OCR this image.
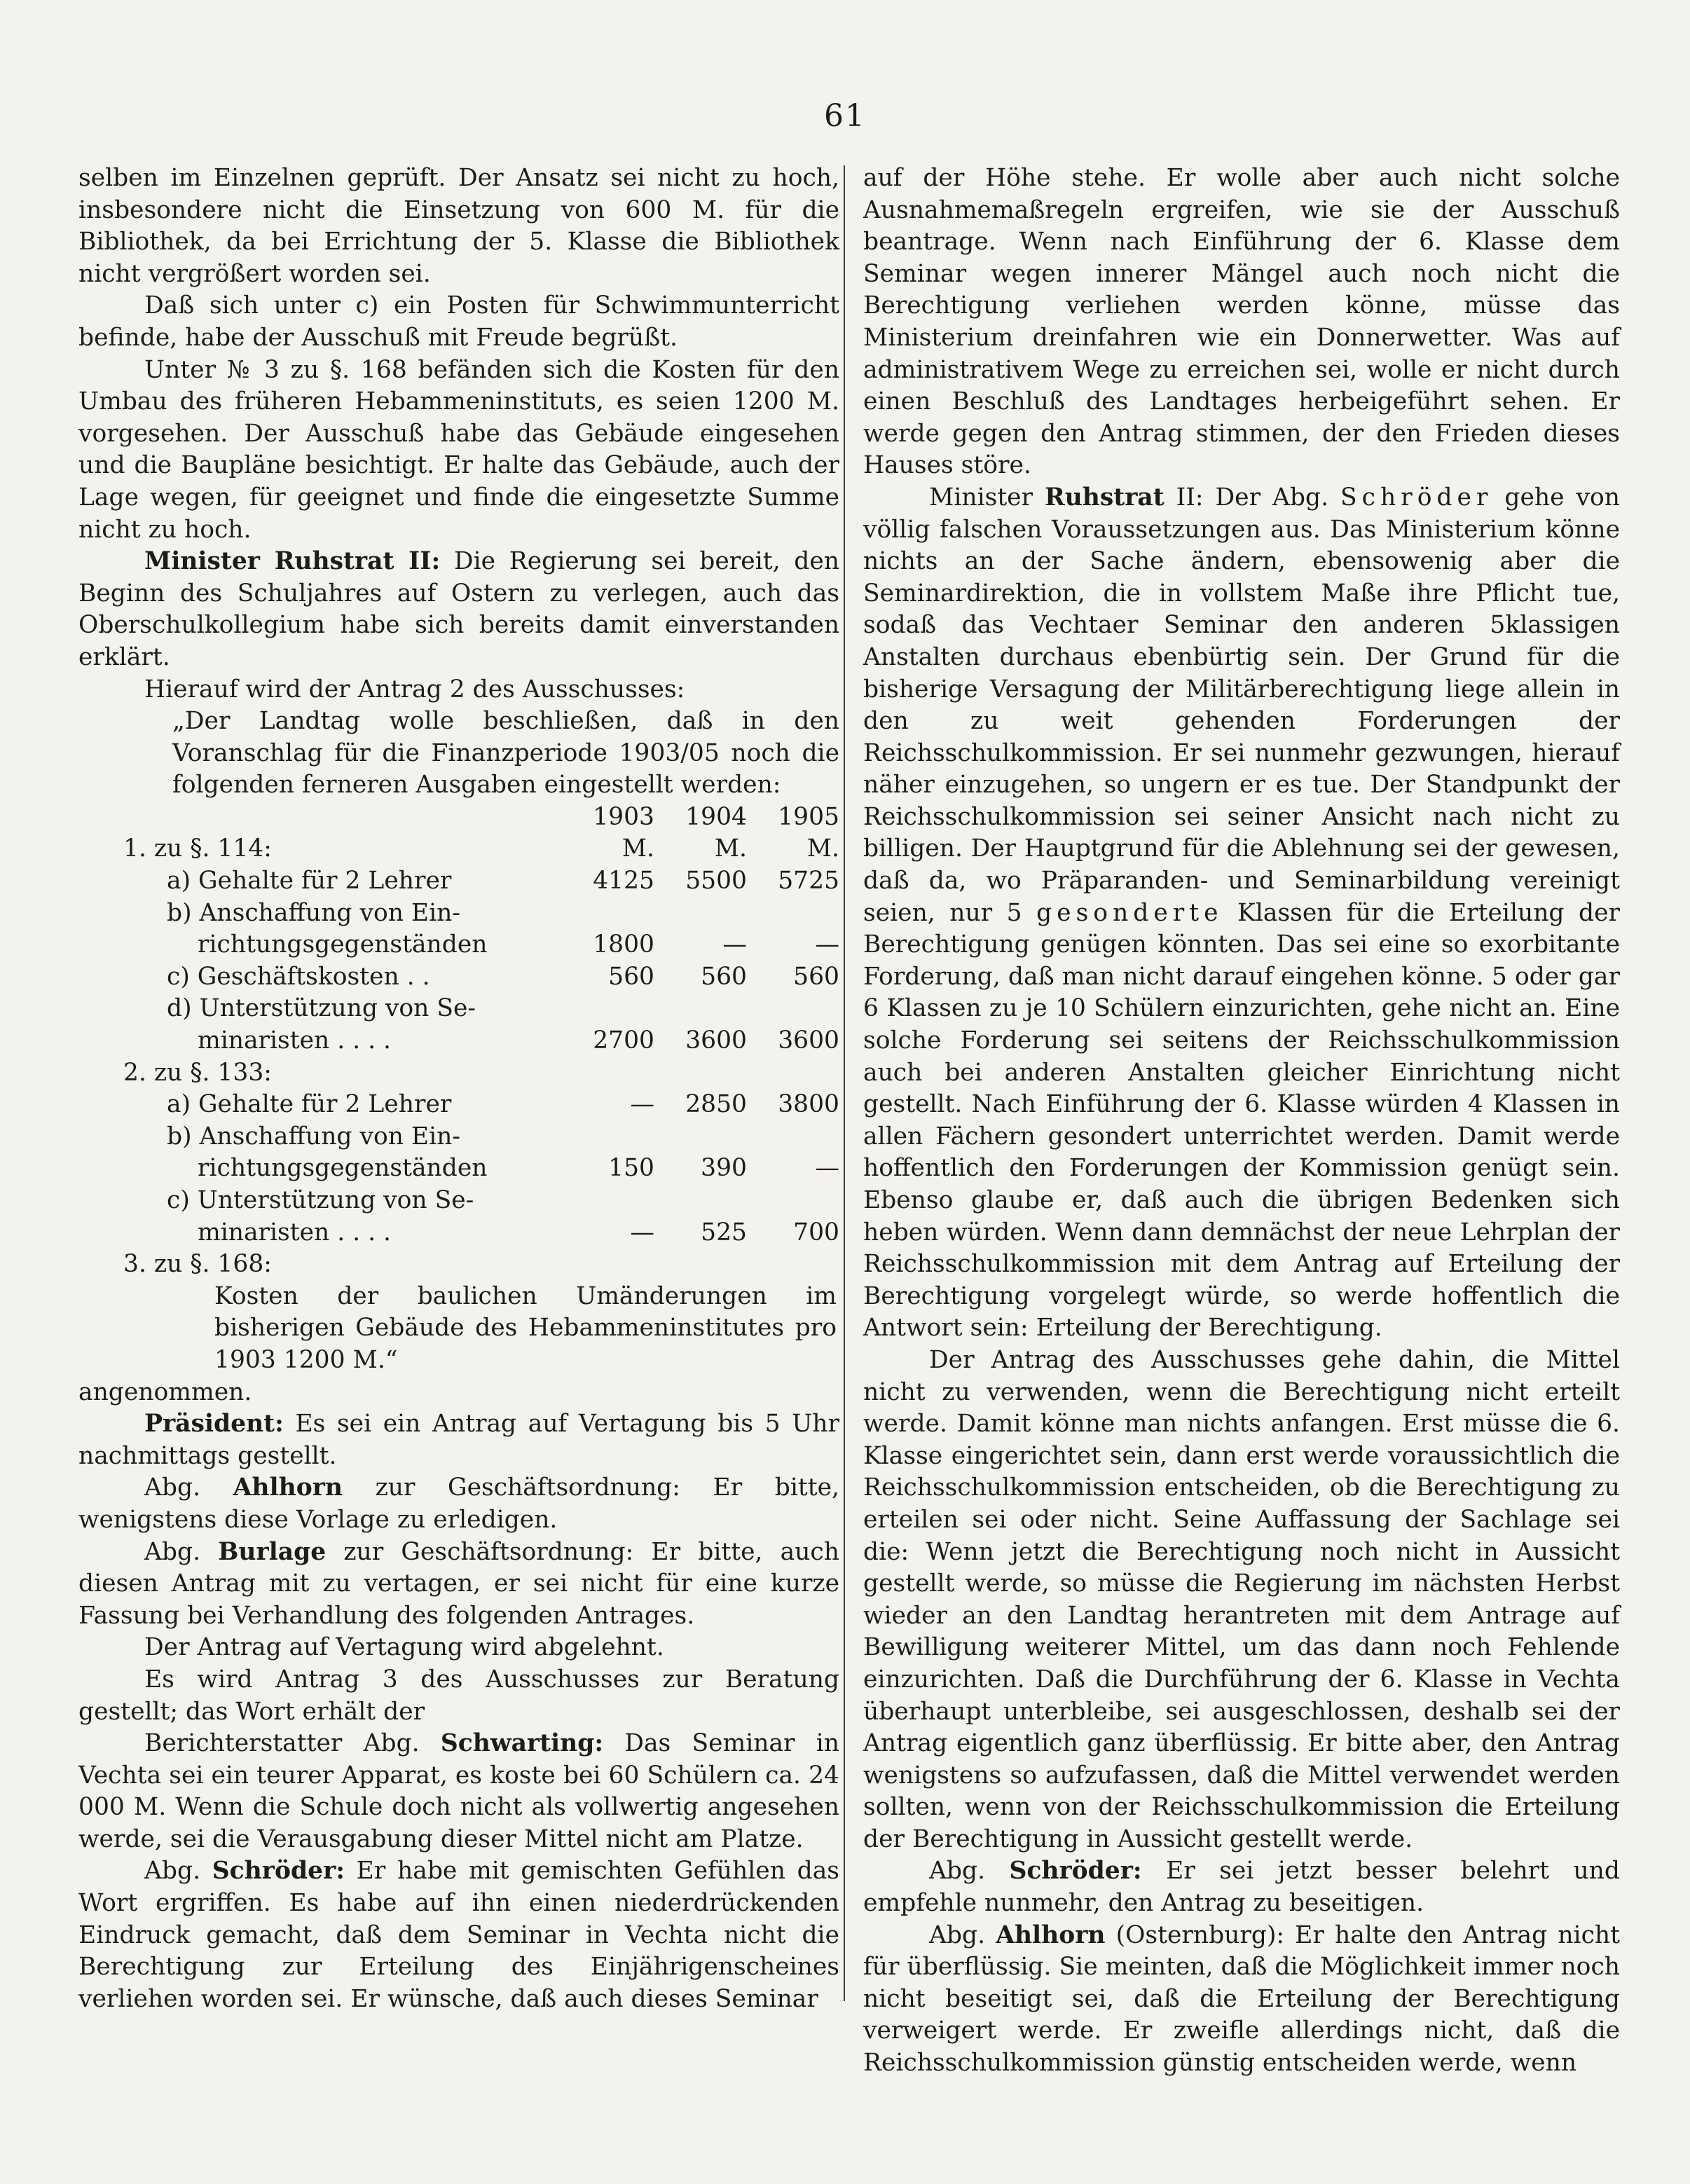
61

selben im Einzelnen geprüft. Der Ansatz sei nicht zu hoch, insbesondere nicht die Einsetzung von 600 M. für die Bibliothek, da bei Errichtung der 5. Klasse die Bibliothek nicht vergrößert worden sei.

Daß sich unter c) ein Posten für Schwimmunterricht befinde, habe der Ausschuß mit Freude begrüßt.

Unter № 3 zu §. 168 befänden sich die Kosten für den Umbau des früheren Hebammeninstituts, es seien 1200 M. vorgesehen. Der Ausschuß habe das Gebäude eingesehen und die Baupläne besichtigt. Er halte das Gebäude, auch der Lage wegen, für geeignet und finde die eingesetzte Summe nicht zu hoch.

Minister Ruhstrat II: Die Regierung sei bereit, den Beginn des Schuljahres auf Ostern zu verlegen, auch das Oberschulkollegium habe sich bereits damit einverstanden erklärt.

Hierauf wird der Antrag 2 des Ausschusses:

„Der Landtag wolle beschließen, daß in den Voranschlag für die Finanzperiode 1903/05 noch die folgenden ferneren Ausgaben eingestellt werden:

	1903	1904	1905
1. zu §. 114:	M.	M.	M.
a) Gehalte für 2 Lehrer	4125	5500	5725
b) Anschaffung von Ein-			
richtungsgegenständen	1800	—	—
c) Geschäftskosten . .	560	560	560
d) Unterstützung von Se-			
minaristen . . . .	2700	3600	3600
2. zu §. 133:			
a) Gehalte für 2 Lehrer	—	2850	3800
b) Anschaffung von Ein-			
richtungsgegenständen	150	390	—
c) Unterstützung von Se-			
minaristen . . . .	—	525	700
3. zu §. 168:			
Kosten der baulichen Umänderungen im bisherigen Gebäude des Hebammeninstitutes pro 1903 1200 M.“			

angenommen.

Präsident: Es sei ein Antrag auf Vertagung bis 5 Uhr nachmittags gestellt.

Abg. Ahlhorn zur Geschäftsordnung: Er bitte, wenigstens diese Vorlage zu erledigen.

Abg. Burlage zur Geschäftsordnung: Er bitte, auch diesen Antrag mit zu vertagen, er sei nicht für eine kurze Fassung bei Verhandlung des folgenden Antrages.

Der Antrag auf Vertagung wird abgelehnt.

Es wird Antrag 3 des Ausschusses zur Beratung gestellt; das Wort erhält der

Berichterstatter Abg. Schwarting: Das Seminar in Vechta sei ein teurer Apparat, es koste bei 60 Schülern ca. 24 000 M. Wenn die Schule doch nicht als vollwertig angesehen werde, sei die Verausgabung dieser Mittel nicht am Platze.

Abg. Schröder: Er habe mit gemischten Gefühlen das Wort ergriffen. Es habe auf ihn einen niederdrückenden Eindruck gemacht, daß dem Seminar in Vechta nicht die Berechtigung zur Erteilung des Einjährigenscheines verliehen worden sei. Er wünsche, daß auch dieses Seminar

auf der Höhe stehe. Er wolle aber auch nicht solche Ausnahmemaßregeln ergreifen, wie sie der Ausschuß beantrage. Wenn nach Einführung der 6. Klasse dem Seminar wegen innerer Mängel auch noch nicht die Berechtigung verliehen werden könne, müsse das Ministerium dreinfahren wie ein Donnerwetter. Was auf administrativem Wege zu erreichen sei, wolle er nicht durch einen Beschluß des Landtages herbeigeführt sehen. Er werde gegen den Antrag stimmen, der den Frieden dieses Hauses störe.

Minister Ruhstrat II: Der Abg. Schröder gehe von völlig falschen Voraussetzungen aus. Das Ministerium könne nichts an der Sache ändern, ebensowenig aber die Seminardirektion, die in vollstem Maße ihre Pflicht tue, sodaß das Vechtaer Seminar den anderen 5klassigen Anstalten durchaus ebenbürtig sein. Der Grund für die bisherige Versagung der Militärberechtigung liege allein in den zu weit gehenden Forderungen der Reichsschulkommission. Er sei nunmehr gezwungen, hierauf näher einzugehen, so ungern er es tue. Der Standpunkt der Reichsschulkommission sei seiner Ansicht nach nicht zu billigen. Der Hauptgrund für die Ablehnung sei der gewesen, daß da, wo Präparanden- und Seminarbildung vereinigt seien, nur 5 gesonderte Klassen für die Erteilung der Berechtigung genügen könnten. Das sei eine so exorbitante Forderung, daß man nicht darauf eingehen könne. 5 oder gar 6 Klassen zu je 10 Schülern einzurichten, gehe nicht an. Eine solche Forderung sei seitens der Reichsschulkommission auch bei anderen Anstalten gleicher Einrichtung nicht gestellt. Nach Einführung der 6. Klasse würden 4 Klassen in allen Fächern gesondert unterrichtet werden. Damit werde hoffentlich den Forderungen der Kommission genügt sein. Ebenso glaube er, daß auch die übrigen Bedenken sich heben würden. Wenn dann demnächst der neue Lehrplan der Reichsschulkommission mit dem Antrag auf Erteilung der Berechtigung vorgelegt würde, so werde hoffentlich die Antwort sein: Erteilung der Berechtigung.

Der Antrag des Ausschusses gehe dahin, die Mittel nicht zu verwenden, wenn die Berechtigung nicht erteilt werde. Damit könne man nichts anfangen. Erst müsse die 6. Klasse eingerichtet sein, dann erst werde voraussichtlich die Reichsschulkommission entscheiden, ob die Berechtigung zu erteilen sei oder nicht. Seine Auffassung der Sachlage sei die: Wenn jetzt die Berechtigung noch nicht in Aussicht gestellt werde, so müsse die Regierung im nächsten Herbst wieder an den Landtag herantreten mit dem Antrage auf Bewilligung weiterer Mittel, um das dann noch Fehlende einzurichten. Daß die Durchführung der 6. Klasse in Vechta überhaupt unterbleibe, sei ausgeschlossen, deshalb sei der Antrag eigentlich ganz überflüssig. Er bitte aber, den Antrag wenigstens so aufzufassen, daß die Mittel verwendet werden sollten, wenn von der Reichsschulkommission die Erteilung der Berechtigung in Aussicht gestellt werde.

Abg. Schröder: Er sei jetzt besser belehrt und empfehle nunmehr, den Antrag zu beseitigen.

Abg. Ahlhorn (Osternburg): Er halte den Antrag nicht für überflüssig. Sie meinten, daß die Möglichkeit immer noch nicht beseitigt sei, daß die Erteilung der Berechtigung verweigert werde. Er zweifle allerdings nicht, daß die Reichsschulkommission günstig entscheiden werde, wenn
